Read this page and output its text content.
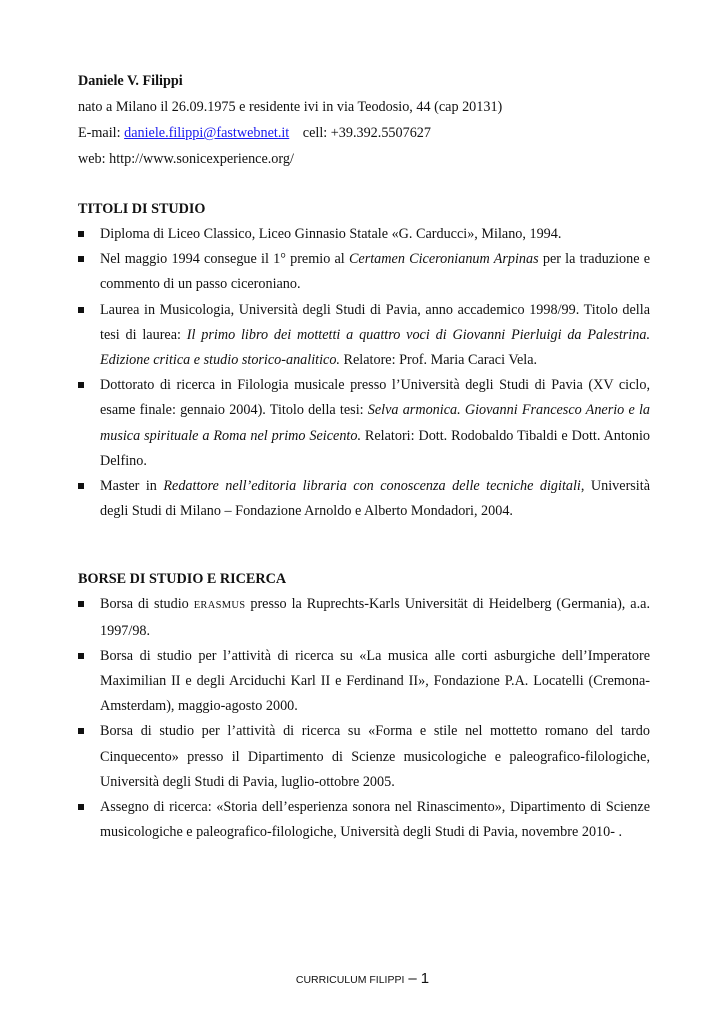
Daniele V. Filippi
nato a Milano il 26.09.1975 e residente ivi in via Teodosio, 44 (cap 20131)
E-mail: daniele.filippi@fastwebnet.it cell: +39.392.5507627
web: http://www.sonicexperience.org/
TITOLI DI STUDIO
Diploma di Liceo Classico, Liceo Ginnasio Statale «G. Carducci», Milano, 1994.
Nel maggio 1994 consegue il 1° premio al Certamen Ciceronianum Arpinas per la traduzione e commento di un passo ciceroniano.
Laurea in Musicologia, Università degli Studi di Pavia, anno accademico 1998/99. Titolo della tesi di laurea: Il primo libro dei mottetti a quattro voci di Giovanni Pierluigi da Palestrina. Edizione critica e studio storico-analitico. Relatore: Prof. Maria Caraci Vela.
Dottorato di ricerca in Filologia musicale presso l’Università degli Studi di Pavia (XV ciclo, esame finale: gennaio 2004). Titolo della tesi: Selva armonica. Giovanni Francesco Anerio e la musica spirituale a Roma nel primo Seicento. Relatori: Dott. Rodobaldo Tibaldi e Dott. Antonio Delfino.
Master in Redattore nell’editoria libraria con conoscenza delle tecniche digitali, Università degli Studi di Milano – Fondazione Arnoldo e Alberto Mondadori, 2004.
BORSE DI STUDIO E RICERCA
Borsa di studio ERASMUS presso la Ruprechts-Karls Universität di Heidelberg (Germania), a.a. 1997/98.
Borsa di studio per l’attività di ricerca su «La musica alle corti asburgiche dell’Imperatore Maximilian II e degli Arciduchi Karl II e Ferdinand II», Fondazione P.A. Locatelli (Cremona-Amsterdam), maggio-agosto 2000.
Borsa di studio per l’attività di ricerca su «Forma e stile nel mottetto romano del tardo Cinquecento» presso il Dipartimento di Scienze musicologiche e paleografico-filologiche, Università degli Studi di Pavia, luglio-ottobre 2005.
Assegno di ricerca: «Storia dell’esperienza sonora nel Rinascimento», Dipartimento di Scienze musicologiche e paleografico-filologiche, Università degli Studi di Pavia, novembre 2010- .
CURRICULUM FILIPPI – 1
